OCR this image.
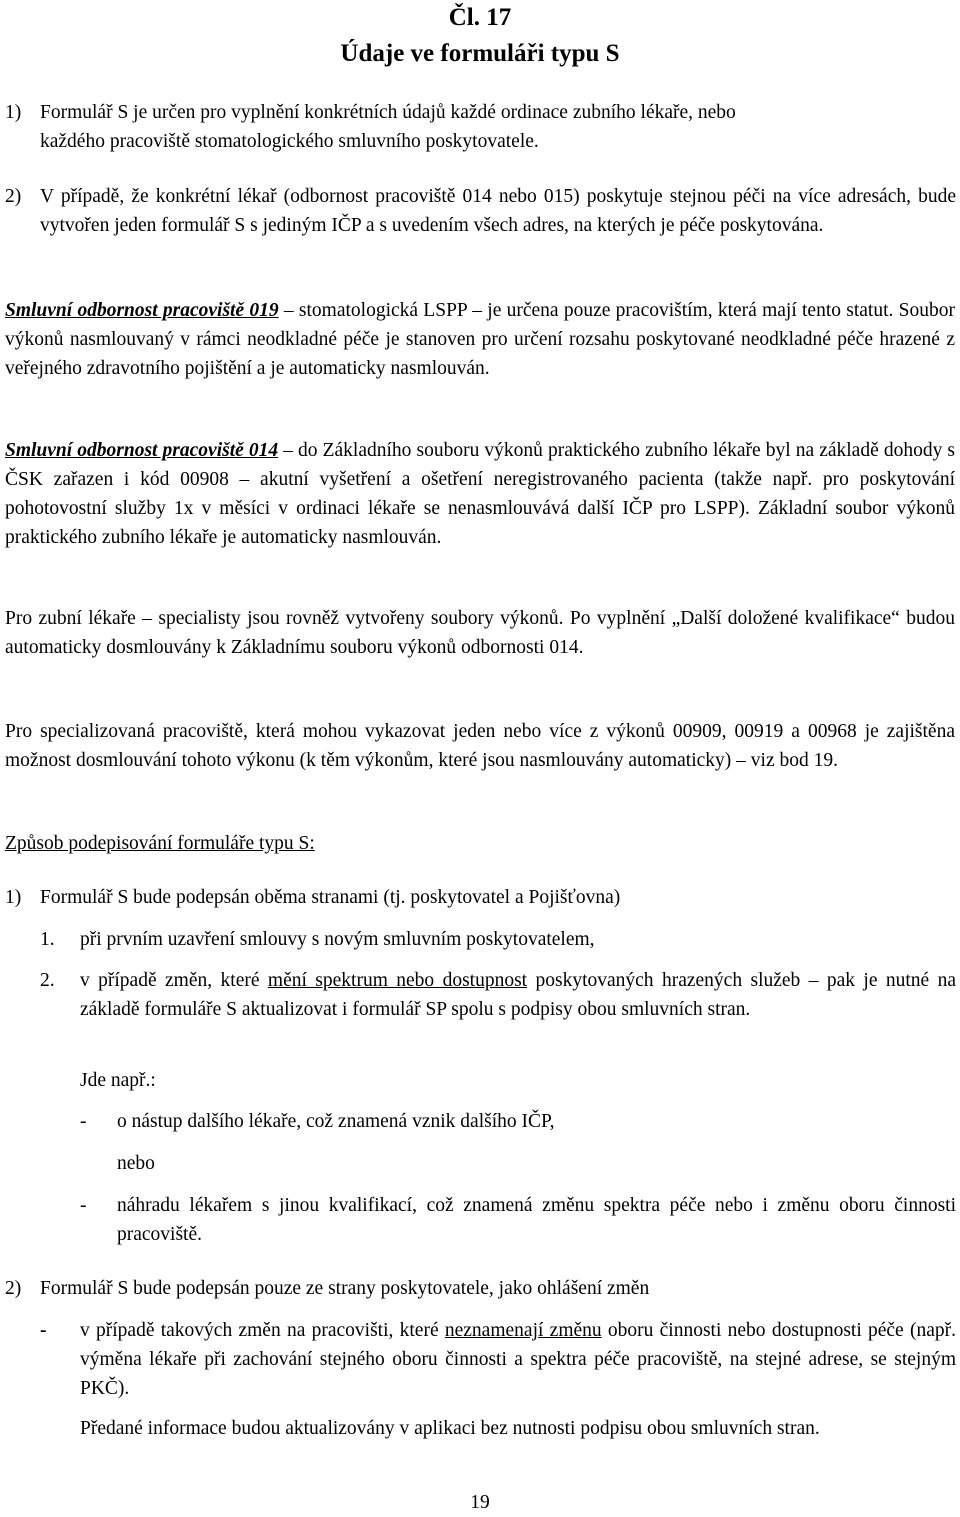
Čl. 17
Údaje ve formuláři typu S
1) Formulář S je určen pro vyplnění konkrétních údajů každé ordinace zubního lékaře, nebo
každého pracoviště stomatologického smluvního poskytovatele.
2) V případě, že konkrétní lékař (odbornost pracoviště 014 nebo 015) poskytuje stejnou péči na více adresách, bude vytvořen jeden formulář S s jediným IČP a s uvedením všech adres, na kterých je péče poskytována.
Smluvní odbornost pracoviště 019 – stomatologická LSPP – je určena pouze pracovištím, která mají tento statut. Soubor výkonů nasmlouvaný v rámci neodkladné péče je stanoven pro určení rozsahu poskytované neodkladné péče hrazené z veřejného zdravotního pojištění a je automaticky nasmlouván.
Smluvní odbornost pracoviště 014 – do Základního souboru výkonů praktického zubního lékaře byl na základě dohody s ČSK zařazen i kód 00908 – akutní vyšetření a ošetření neregistrovaného pacienta (takže např. pro poskytování pohotovostní služby 1x v měsíci v ordinaci lékaře se nenasmlouvává další IČP pro LSPP). Základní soubor výkonů praktického zubního lékaře je automaticky nasmlouván.
Pro zubní lékaře – specialisty jsou rovněž vytvořeny soubory výkonů. Po vyplnění „Další doložené kvalifikace“ budou automaticky dosmlouvány k Základnímu souboru výkonů odbornosti 014.
Pro specializovaná pracoviště, která mohou vykazovat jeden nebo více z výkonů 00909, 00919 a 00968 je zajištěna možnost dosmlouvání tohoto výkonu (k těm výkonům, které jsou nasmlouvány automaticky) – viz bod 19.
Způsob podepisování formuláře typu S:
1) Formulář S bude podepsán oběma stranami (tj. poskytovatel a Pojišťovna)
1. při prvním uzavření smlouvy s novým smluvním poskytovatelem,
2. v případě změn, které mění spektrum nebo dostupnost poskytovaných hrazených služeb – pak je nutné na základě formuláře S aktualizovat i formulář SP spolu s podpisy obou smluvních stran.
Jde např.:
- o nástup dalšího lékaře, což znamená vznik dalšího IČP,
nebo
- náhradu lékařem s jinou kvalifikací, což znamená změnu spektra péče nebo i změnu oboru činnosti pracoviště.
2) Formulář S bude podepsán pouze ze strany poskytovatele, jako ohlášení změn
- v případě takových změn na pracovišti, které neznamenají změnu oboru činnosti nebo dostupnosti péče (např. výměna lékaře při zachování stejného oboru činnosti a spektra péče pracoviště, na stejné adrese, se stejným PKČ).
Předané informace budou aktualizovány v aplikaci bez nutnosti podpisu obou smluvních stran.
19
